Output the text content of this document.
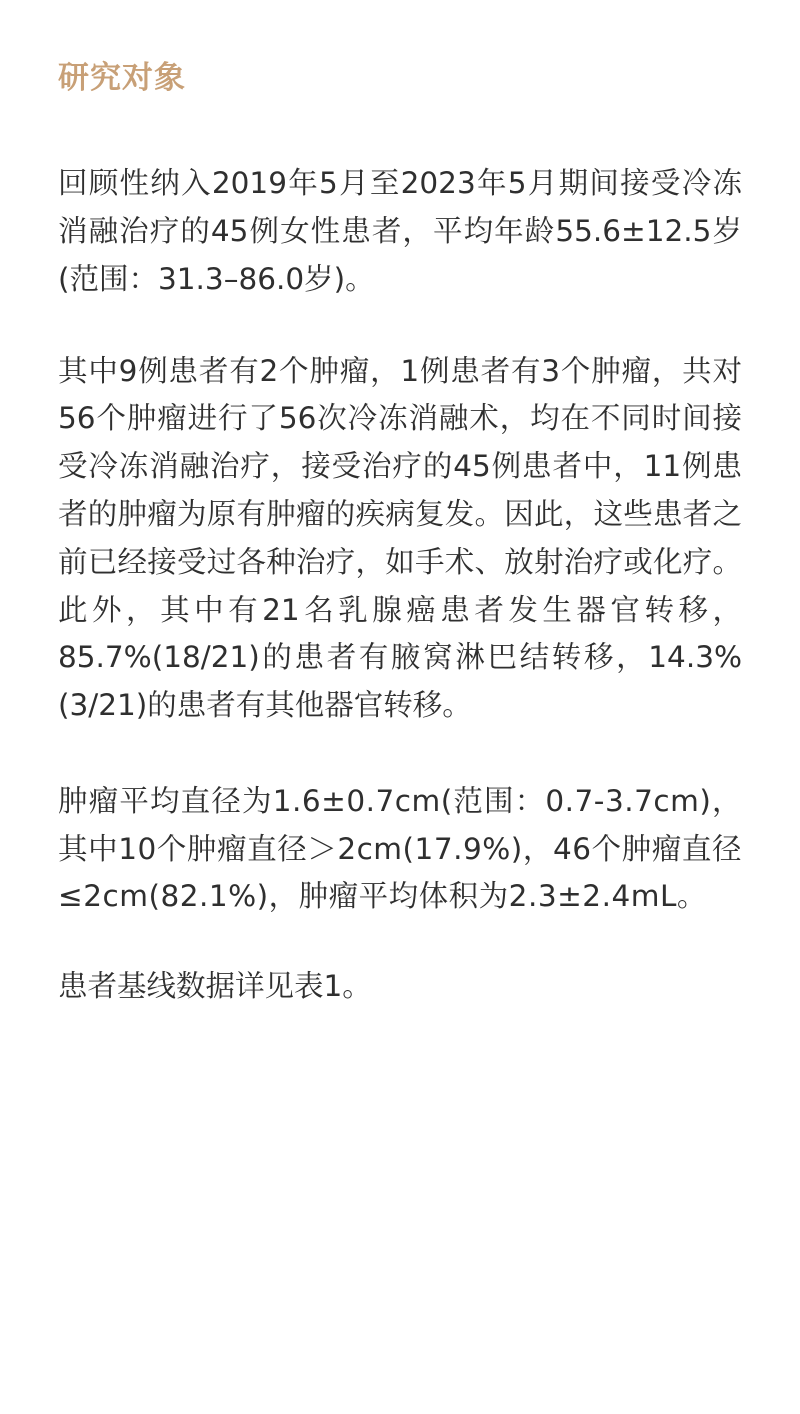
研究对象

回顾性纳入2019年5月至2023年5月期间接受冷冻消融治疗的45例女性患者，平均年龄55.6±12.5岁(范围：31.3–86.0岁)。

其中9例患者有2个肿瘤，1例患者有3个肿瘤，共对56个肿瘤进行了56次冷冻消融术，均在不同时间接受冷冻消融治疗，接受治疗的45例患者中，11例患者的肿瘤为原有肿瘤的疾病复发。因此，这些患者之前已经接受过各种治疗，如手术、放射治疗或化疗。此外，其中有21名乳腺癌患者发生器官转移，85.7%(18/21)的患者有腋窝淋巴结转移，14.3%(3/21)的患者有其他器官转移。

肿瘤平均直径为1.6±0.7cm(范围：0.7-3.7cm)，其中10个肿瘤直径＞2cm(17.9%)，46个肿瘤直径≤2cm(82.1%)，肿瘤平均体积为2.3±2.4mL。

患者基线数据详见表1。
